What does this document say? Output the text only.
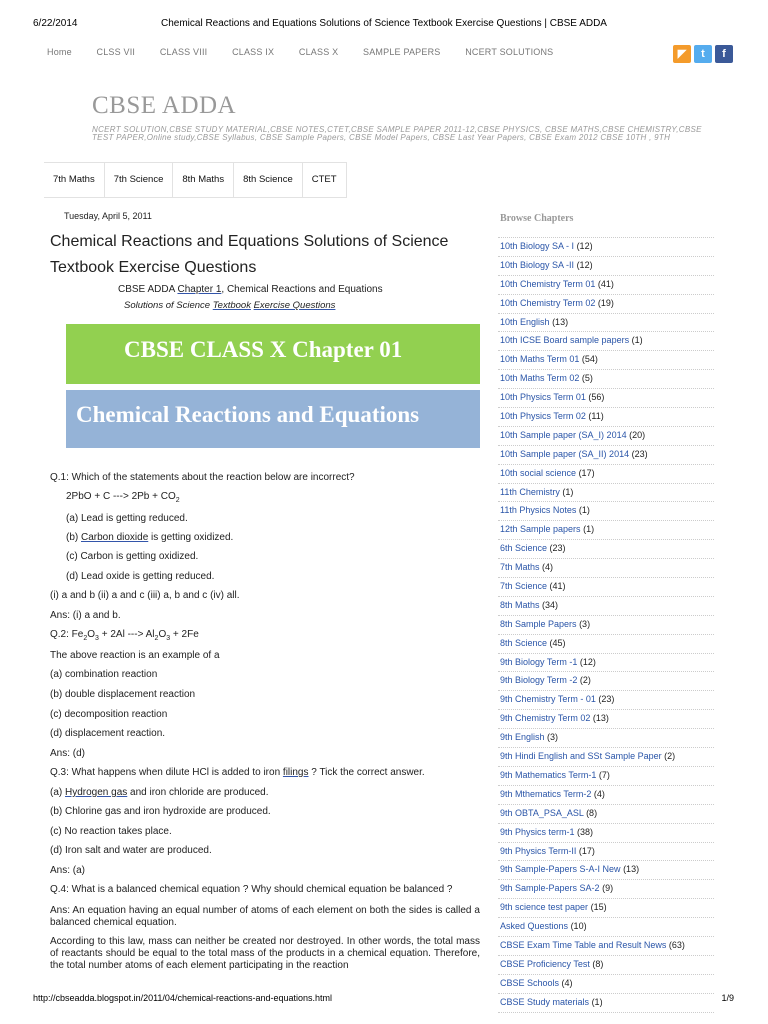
6/22/2014	Chemical Reactions and Equations Solutions of Science Textbook Exercise Questions | CBSE ADDA
Home	CLSS VII	CLASS VIII	CLASS IX	CLASS X	SAMPLE PAPERS	NCERT SOLUTIONS	◤ t f
CBSE ADDA
NCERT SOLUTION,CBSE STUDY MATERIAL,CBSE NOTES,CTET,CBSE SAMPLE PAPER 2011-12,CBSE PHYSICS, CBSE MATHS,CBSE CHEMISTRY,CBSE TEST PAPER,Online study,CBSE Syllabus, CBSE Sample Papers, CBSE Model Papers, CBSE Last Year Papers, CBSE Exam 2012 CBSE 10TH , 9TH
7th Maths	7th Science	8th Maths	8th Science	CTET
Tuesday, April 5, 2011
Chemical Reactions and Equations Solutions of Science Textbook Exercise Questions
CBSE ADDA Chapter 1, Chemical Reactions and Equations
Solutions of Science Textbook Exercise Questions
CBSE CLASS X Chapter 01
Chemical Reactions and Equations
Q.1: Which of the statements about the reaction below are incorrect?
2PbO + C ---> $2Pb + CO_2$
(a) Lead is getting reduced.
(b) Carbon dioxide is getting oxidized.
(c) Carbon is getting oxidized.
(d) Lead oxide is getting reduced.
(i) a and b (ii) a and c (iii) a, b and c (iv) all.
Ans: (i) a and b.
Q.2: $Fe_2O_3 + 2Al$ ---> $Al_2O_3 + 2Fe$
The above reaction is an example of a
(a) combination reaction
(b) double displacement reaction
(c) decomposition reaction
(d) displacement reaction.
Ans: (d)
Q.3: What happens when dilute HCl is added to iron filings ? Tick the correct answer.
(a) Hydrogen gas and iron chloride are produced.
(b) Chlorine gas and iron hydroxide are produced.
(c) No reaction takes place.
(d) Iron salt and water are produced.
Ans: (a)
Q.4: What is a balanced chemical equation ? Why should chemical equation be balanced ?
Ans: An equation having an equal number of atoms of each element on both the sides is called a balanced chemical equation.
According to this law, mass can neither be created nor destroyed. In other words, the total mass of reactants should be equal to the total mass of the products in a chemical equation. Therefore, the total number atoms of each element participating in the reaction
Browse Chapters
10th Biology SA - I (12)
10th Biology SA -II (12)
10th Chemistry Term 01 (41)
10th Chemistry Term 02 (19)
10th English (13)
10th ICSE Board sample papers (1)
10th Maths Term 01 (54)
10th Maths Term 02 (5)
10th Physics Term 01 (56)
10th Physics Term 02 (11)
10th Sample paper (SA_I) 2014 (20)
10th Sample paper (SA_II) 2014 (23)
10th social science (17)
11th Chemistry (1)
11th Physics Notes (1)
12th Sample papers (1)
6th Science (23)
7th Maths (4)
7th Science (41)
8th Maths (34)
8th Sample Papers (3)
8th Science (45)
9th Biology Term -1 (12)
9th Biology Term -2 (2)
9th Chemistry Term - 01 (23)
9th Chemistry Term 02 (13)
9th English (3)
9th Hindi English and SSt Sample Paper (2)
9th Mathematics Term-1 (7)
9th Mthematics Term-2 (4)
9th OBTA_PSA_ASL (8)
9th Physics term-1 (38)
9th Physics Term-II (17)
9th Sample-Papers S-A-I New (13)
9th Sample-Papers SA-2 (9)
9th science test paper (15)
Asked Questions (10)
CBSE Exam Time Table and Result News (63)
CBSE Proficiency Test (8)
CBSE Schools (4)
CBSE Study materials (1)
http://cbseadda.blogspot.in/2011/04/chemical-reactions-and-equations.html	1/9
